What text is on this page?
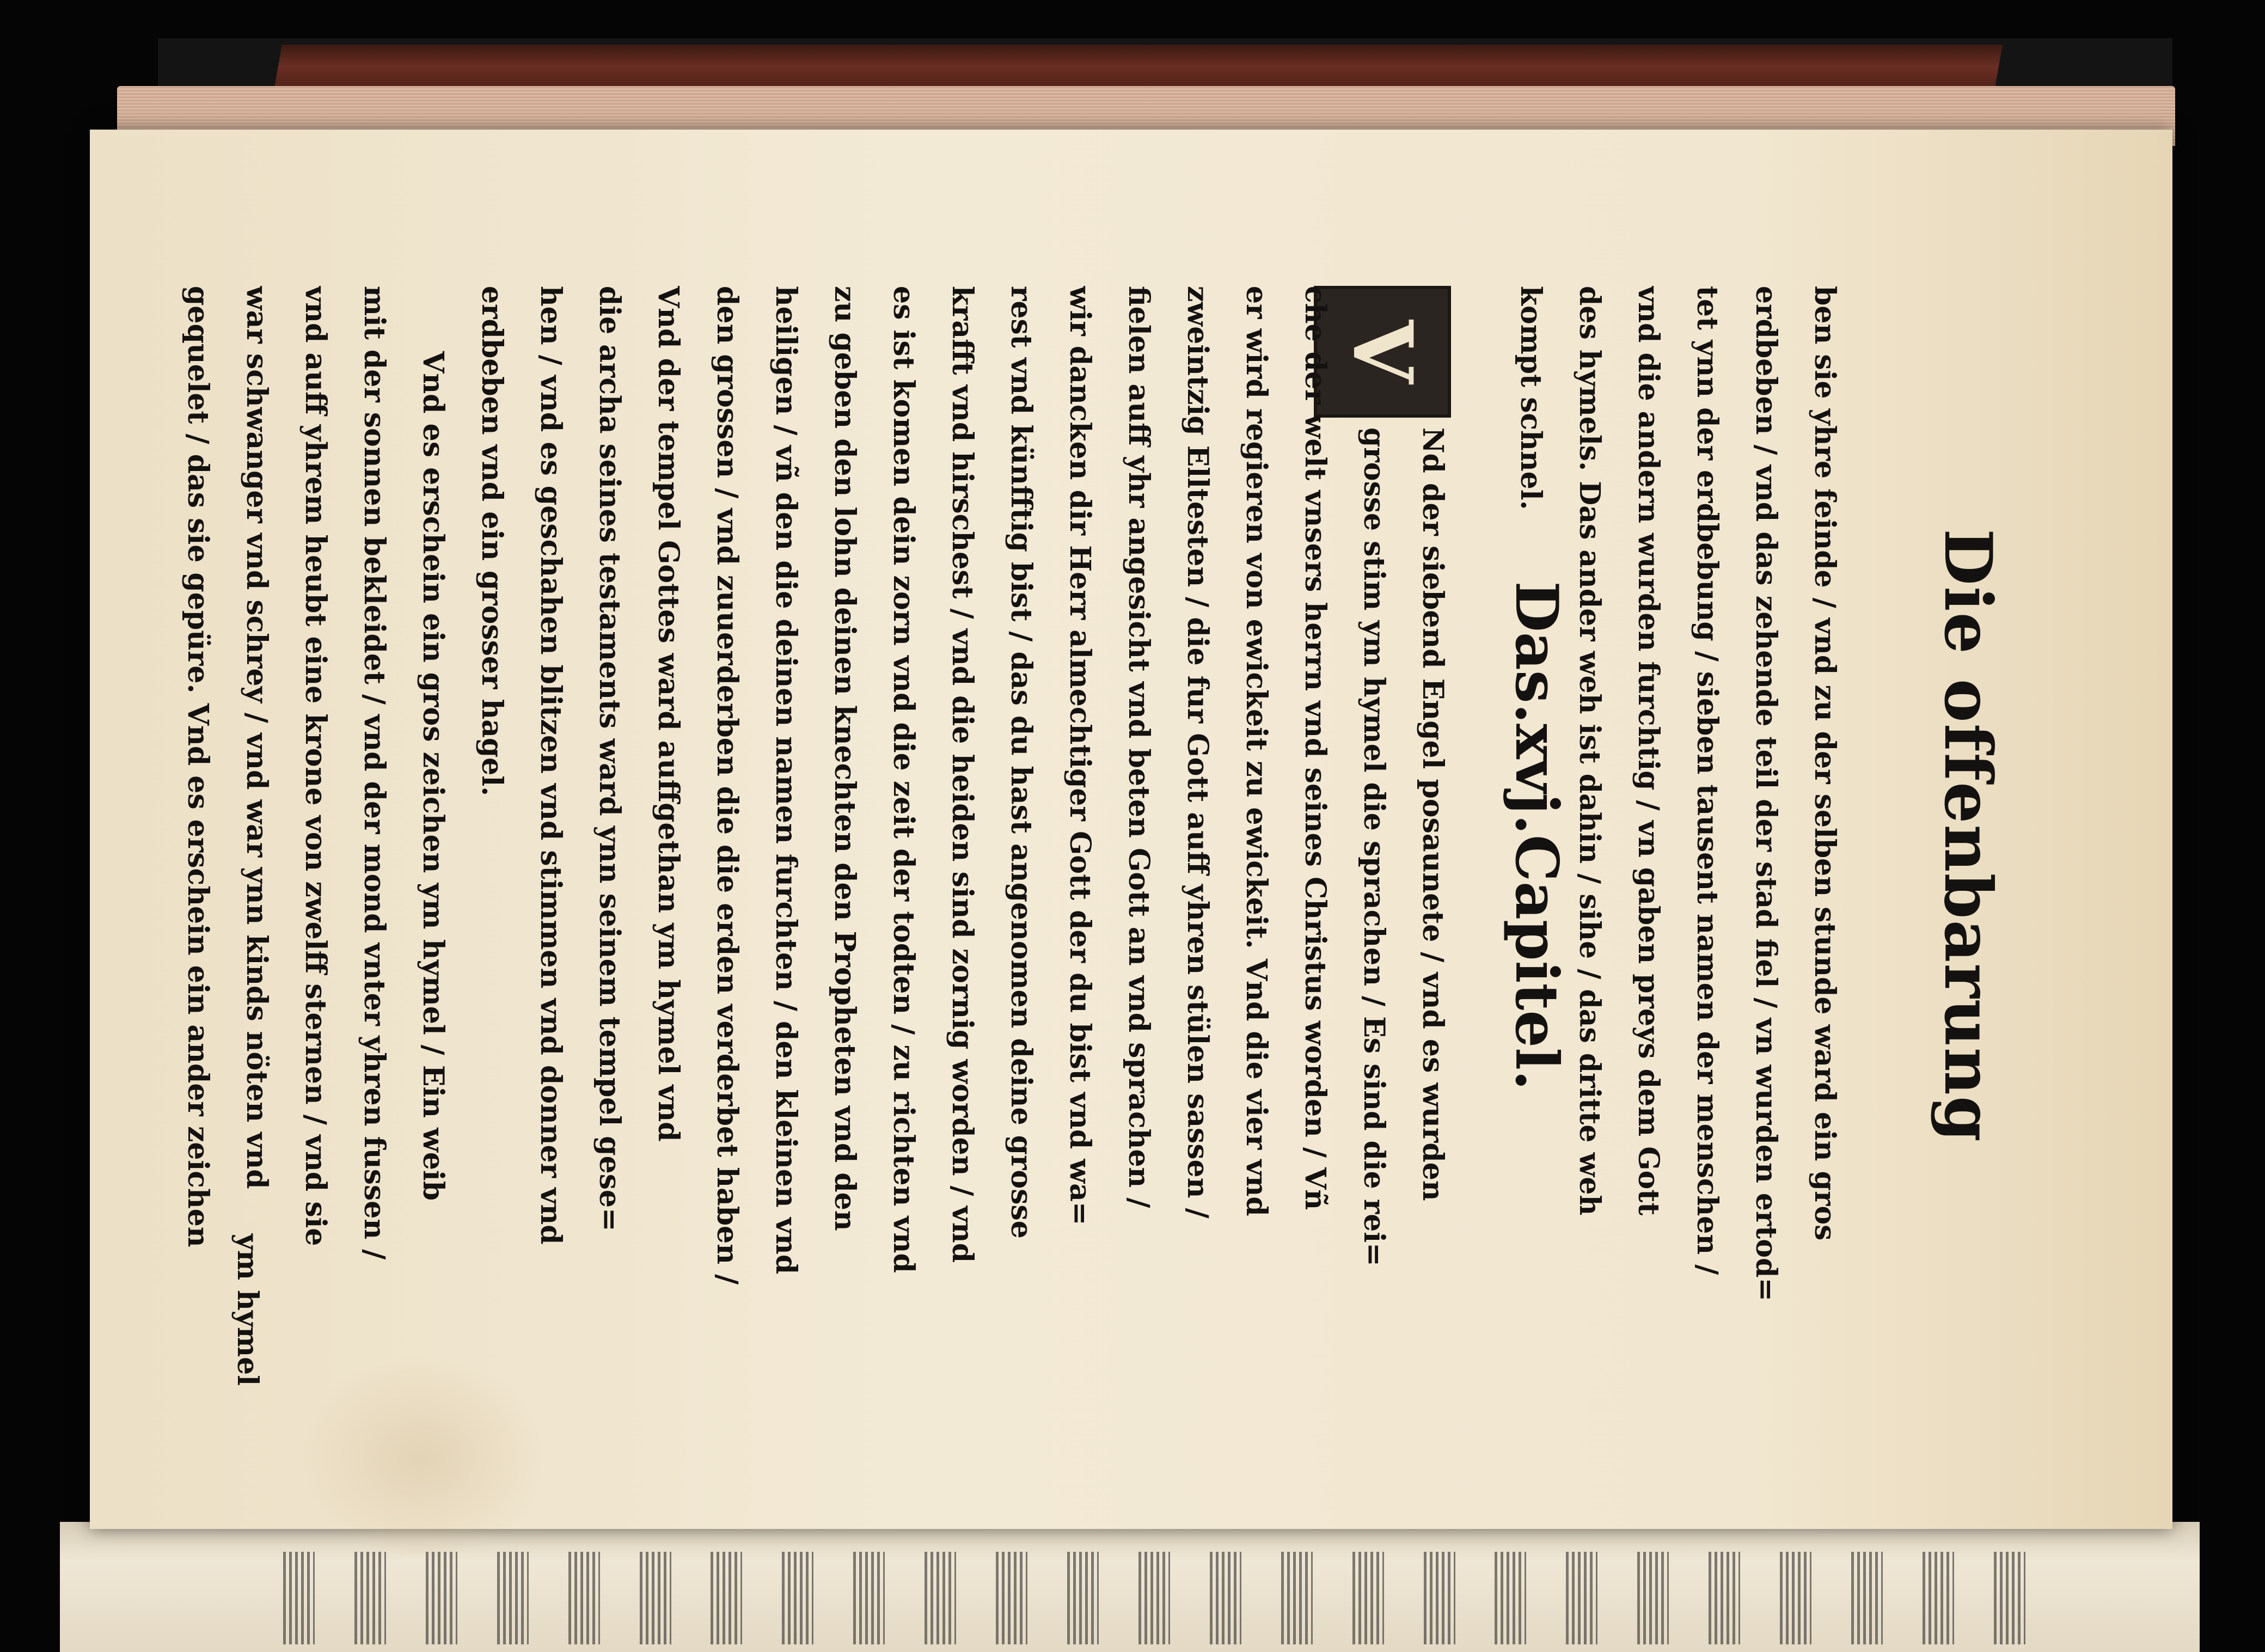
Die offenbarung
ben sie yhre feinde / vnd zu der selben stunde ward ein gros
erdbeben / vnd das zehende teil der stad fiel / vn wurden ertod=
tet ynn der erdbebung / sieben tausent namen der menschen /
vnd die andern wurden furchtig / vn gaben preys dem Gott
des hymels. Das ander weh ist dahin / sihe / das dritte weh
kompt schnel.
Das.xvj.Capitel.
V
Nd der siebend Engel posaunete / vnd es wurden
grosse stim ym hymel die sprachen / Es sind die rei=
che der welt vnsers herrn vnd seines Christus worden / Vñ
er wird regieren von ewickeit zu ewickeit. Vnd die vier vnd
zweintzig Elltesten / die fur Gott auff yhren stülen sassen /
fielen auff yhr angesicht vnd beten Gott an vnd sprachen /
wir dancken dir Herr almechtiger Gott der du bist vnd wa=
rest vnd künfftig bist / das du hast angenomen deine grosse
krafft vnd hirschest / vnd die heiden sind zornig worden / vnd
es ist komen dein zorn vnd die zeit der todten / zu richten vnd
zu geben den lohn deinen knechten den Propheten vnd den
heiligen / vñ den die deinen namen furchten / den kleinen vnd
den grossen / vnd zuuerderben die die erden verderbet haben /
Vnd der tempel Gottes ward auffgethan ym hymel vnd
die archa seines testaments ward ynn seinem tempel gese=
hen / vnd es geschahen blitzen vnd stimmen vnd donner vnd
erdbeben vnd ein grosser hagel.
Vnd es erschein ein gros zeichen ym hymel / Ein weib
mit der sonnen bekleidet / vnd der mond vnter yhren fussen /
vnd auff yhrem heubt eine krone von zwelff sternen / vnd sie
war schwanger vnd schrey / vnd war ynn kinds nöten vnd
gequelet / das sie gepüre. Vnd es erschein ein ander zeichen
ym hymel
